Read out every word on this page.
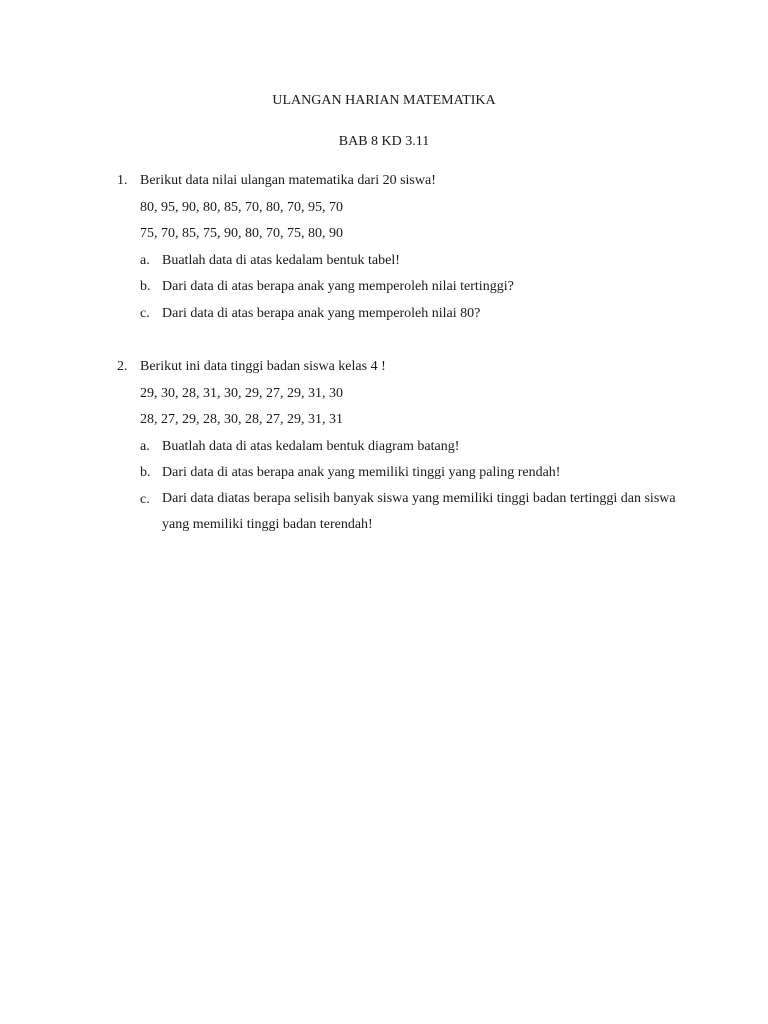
ULANGAN HARIAN MATEMATIKA
BAB 8 KD 3.11
1. Berikut data nilai ulangan matematika dari 20 siswa!
80, 95, 90, 80, 85, 70, 80, 70, 95, 70
75, 70, 85, 75, 90, 80, 70, 75, 80, 90
a. Buatlah data di atas kedalam bentuk tabel!
b. Dari data di atas berapa anak yang memperoleh nilai tertinggi?
c. Dari data di atas berapa anak yang memperoleh nilai 80?
2. Berikut ini data tinggi badan siswa kelas 4 !
29, 30, 28, 31, 30, 29, 27, 29, 31, 30
28, 27, 29, 28, 30, 28, 27, 29, 31, 31
a. Buatlah data di atas kedalam bentuk diagram batang!
b. Dari data di atas berapa anak yang memiliki tinggi yang paling rendah!
c. Dari data diatas berapa selisih banyak siswa yang memiliki tinggi badan tertinggi dan siswa yang memiliki tinggi badan terendah!
